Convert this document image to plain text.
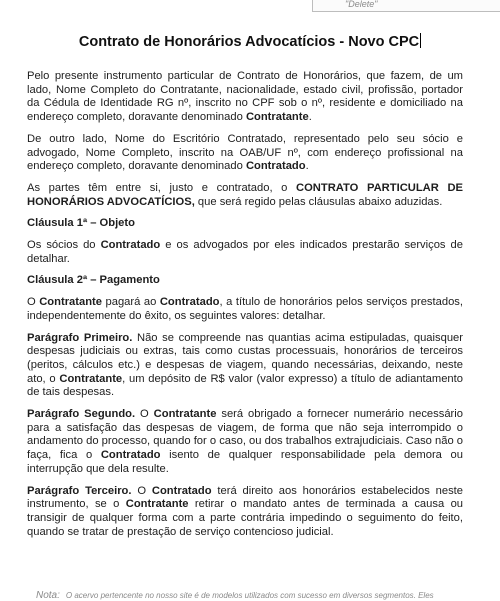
"Delete"
Contrato de Honorários Advocatícios - Novo CPC

Pelo presente instrumento particular de Contrato de Honorários, que fazem, de um lado, Nome Completo do Contratante, nacionalidade, estado civil, profissão, portador da Cédula de Identidade RG nº, inscrito no CPF sob o nº, residente e domiciliado na endereço completo, doravante denominado Contratante.

De outro lado, Nome do Escritório Contratado, representado pelo seu sócio e advogado, Nome Completo, inscrito na OAB/UF nº, com endereço profissional na endereço completo, doravante denominado Contratado.

As partes têm entre si, justo e contratado, o CONTRATO PARTICULAR DE HONORÁRIOS ADVOCATÍCIOS, que será regido pelas cláusulas abaixo aduzidas.

Cláusula 1ª – Objeto

Os sócios do Contratado e os advogados por eles indicados prestarão serviços de detalhar.

Cláusula 2ª – Pagamento

O Contratante pagará ao Contratado, a título de honorários pelos serviços prestados, independentemente do êxito, os seguintes valores: detalhar.

Parágrafo Primeiro. Não se compreende nas quantias acima estipuladas, quaisquer despesas judiciais ou extras, tais como custas processuais, honorários de terceiros (peritos, cálculos etc.) e despesas de viagem, quando necessárias, deixando, neste ato, o Contratante, um depósito de R$ valor (valor expresso) a título de adiantamento de tais despesas.

Parágrafo Segundo. O Contratante será obrigado a fornecer numerário necessário para a satisfação das despesas de viagem, de forma que não seja interrompido o andamento do processo, quando for o caso, ou dos trabalhos extrajudiciais. Caso não o faça, fica o Contratado isento de qualquer responsabilidade pela demora ou interrupção que dela resulte.

Parágrafo Terceiro. O Contratado terá direito aos honorários estabelecidos neste instrumento, se o Contratante retirar o mandato antes de terminada a causa ou transigir de qualquer forma com a parte contrária impedindo o seguimento do feito, quando se tratar de prestação de serviço contencioso judicial.

Nota: O acervo pertencente no nosso site é de modelos utilizados com sucesso em diversos segmentos. Eles
